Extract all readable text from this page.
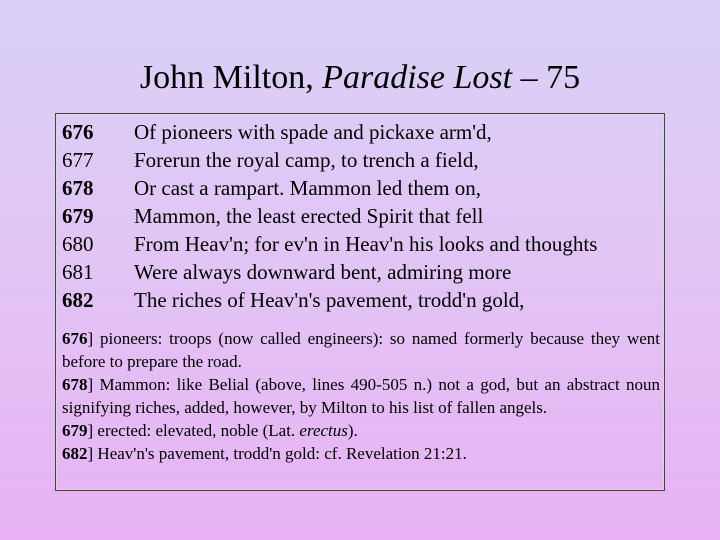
John Milton, Paradise Lost – 75
676	Of pioneers with spade and pickaxe arm'd,
677	Forerun the royal camp, to trench a field,
678	Or cast a rampart. Mammon led them on,
679	Mammon, the least erected Spirit that fell
680	From Heav'n; for ev'n in Heav'n his looks and thoughts
681	Were always downward bent, admiring more
682	The riches of Heav'n's pavement, trodd'n gold,
676] pioneers: troops (now called engineers): so named formerly because they went before to prepare the road.
678] Mammon: like Belial (above, lines 490-505 n.) not a god, but an abstract noun signifying riches, added, however, by Milton to his list of fallen angels.
679] erected: elevated, noble (Lat. erectus).
682] Heav'n's pavement, trodd'n gold: cf. Revelation 21:21.
